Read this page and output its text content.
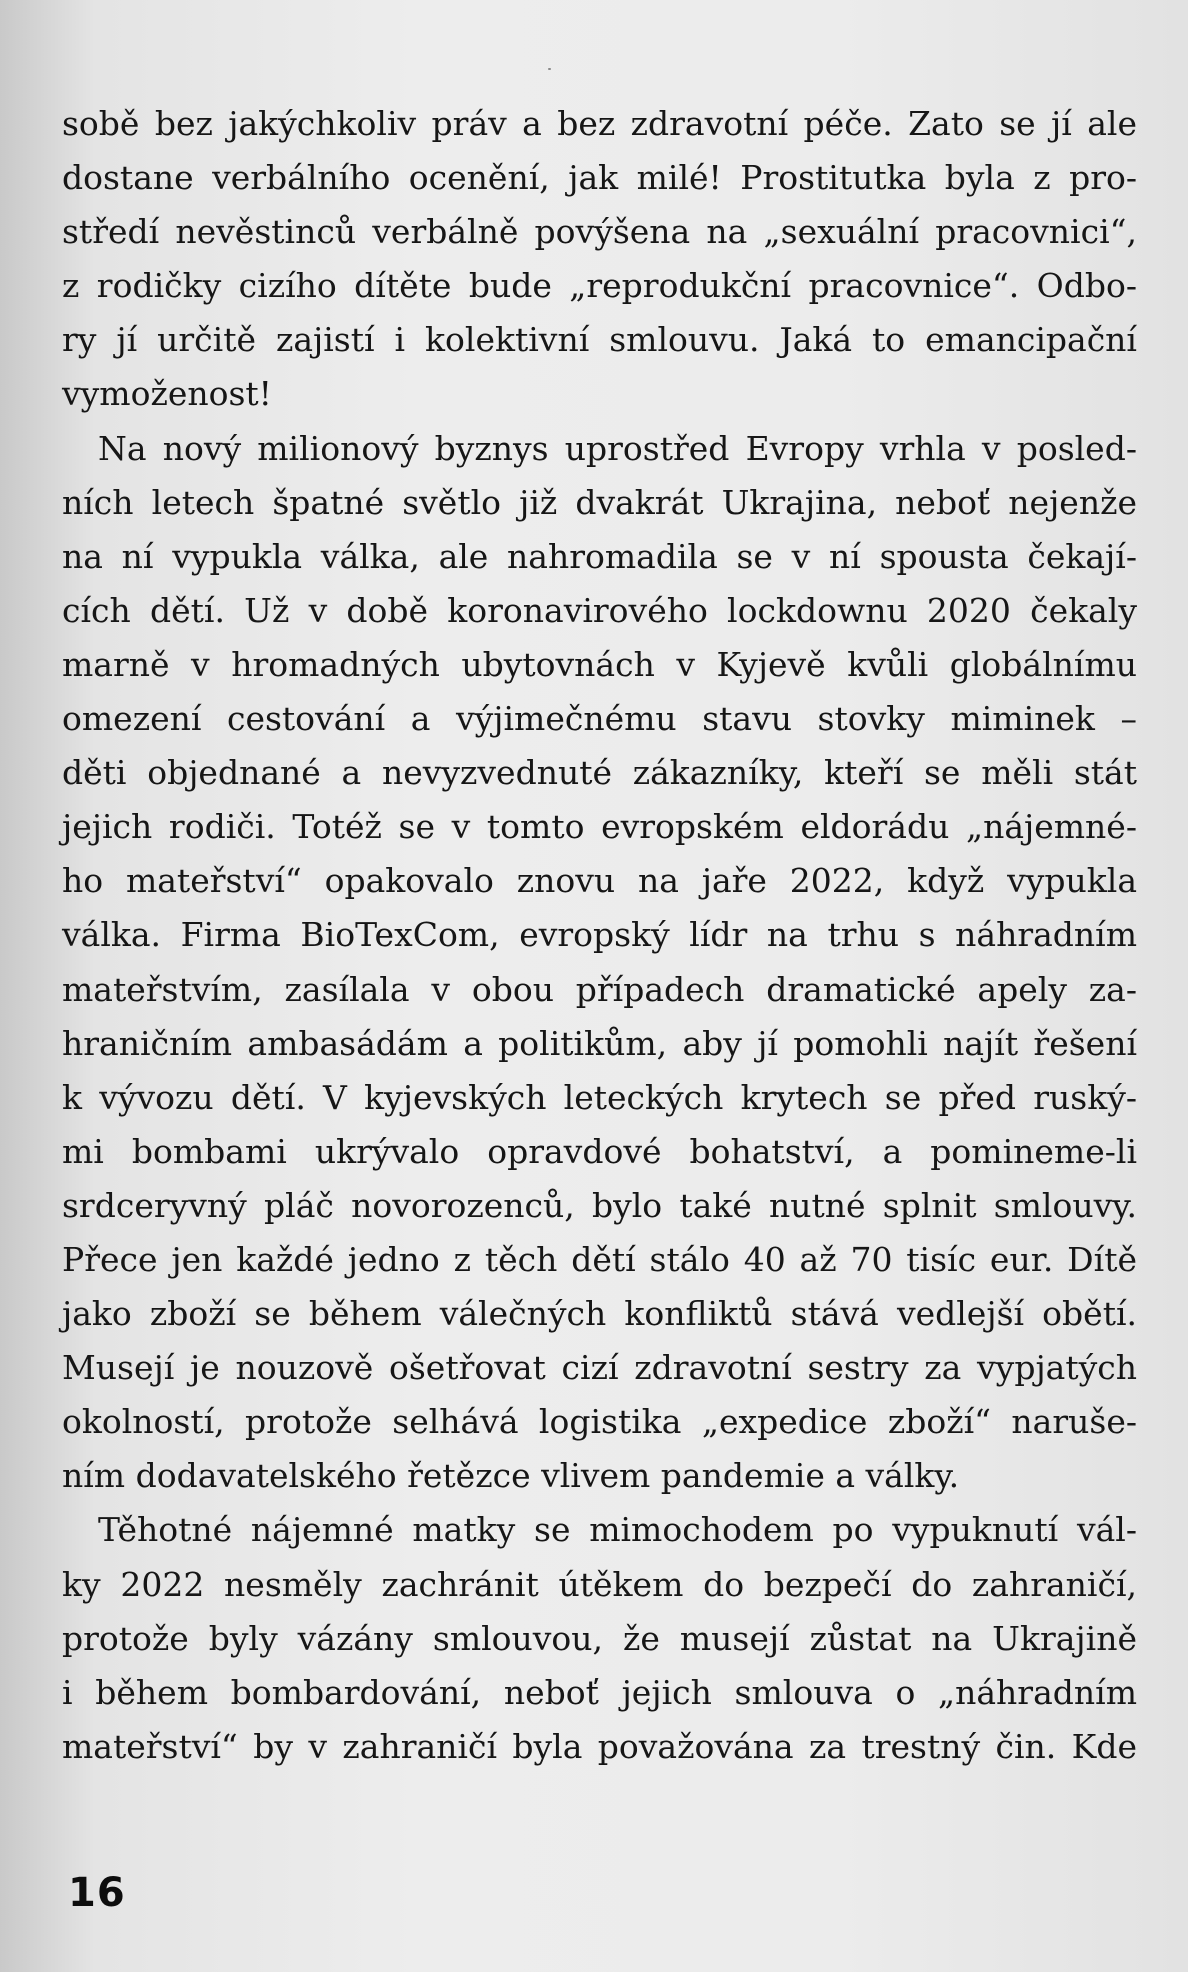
sobě bez jakýchkoliv práv a bez zdravotní péče. Zato se jí ale
dostane verbálního ocenění, jak milé! Prostitutka byla z pro-
středí nevěstinců verbálně povýšena na „sexuální pracovnici“,
z rodičky cizího dítěte bude „reprodukční pracovnice“. Odbo-
ry jí určitě zajistí i kolektivní smlouvu. Jaká to emancipační
vymoženost!

Na nový milionový byznys uprostřed Evropy vrhla v posled-
ních letech špatné světlo již dvakrát Ukrajina, neboť nejenže
na ní vypukla válka, ale nahromadila se v ní spousta čekají-
cích dětí. Už v době koronavirového lockdownu 2020 čekaly
marně v hromadných ubytovnách v Kyjevě kvůli globálnímu
omezení cestování a výjimečnému stavu stovky miminek –
děti objednané a nevyzvednuté zákazníky, kteří se měli stát
jejich rodiči. Totéž se v tomto evropském eldorádu „nájemné-
ho mateřství“ opakovalo znovu na jaře 2022, když vypukla
válka. Firma BioTexCom, evropský lídr na trhu s náhradním
mateřstvím, zasílala v obou případech dramatické apely za-
hraničním ambasádám a politikům, aby jí pomohli najít řešení
k vývozu dětí. V kyjevských leteckých krytech se před ruský-
mi bombami ukrývalo opravdové bohatství, a pomineme-li
srdceryvný pláč novorozenců, bylo také nutné splnit smlouvy.
Přece jen každé jedno z těch dětí stálo 40 až 70 tisíc eur. Dítě
jako zboží se během válečných konfliktů stává vedlejší obětí.
Musejí je nouzově ošetřovat cizí zdravotní sestry za vypjatých
okolností, protože selhává logistika „expedice zboží“ naruše-
ním dodavatelského řetězce vlivem pandemie a války.

Těhotné nájemné matky se mimochodem po vypuknutí vál-
ky 2022 nesměly zachránit útěkem do bezpečí do zahraničí,
protože byly vázány smlouvou, že musejí zůstat na Ukrajině
i během bombardování, neboť jejich smlouva o „náhradním
mateřství“ by v zahraničí byla považována za trestný čin. Kde

16
